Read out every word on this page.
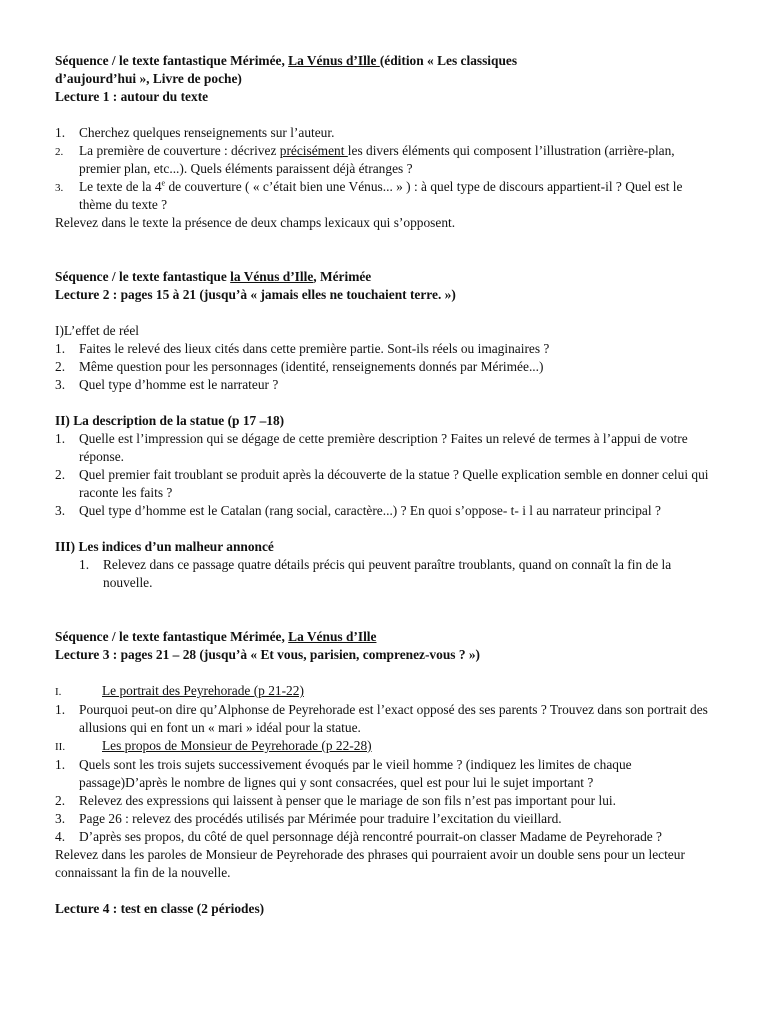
Séquence / le texte fantastique Mérimée, La Vénus d’Ille (édition « Les classiques
d’aujourd’hui », Livre de poche)
Lecture 1 : autour du texte
1.	Cherchez quelques renseignements sur l’auteur.
2.	La première de couverture : décrivez précisément les divers éléments qui composent l’illustration (arrière-plan, premier plan, etc...). Quels éléments paraissent déjà étranges ?
3.	Le texte de la 4e de couverture ( « c’était bien une Vénus... » ) : à quel type de discours appartient-il ? Quel est le thème du texte ?
Relevez dans le texte la présence de deux champs lexicaux qui s’opposent.
Séquence / le texte fantastique la Vénus d’Ille, Mérimée
Lecture 2 : pages 15 à 21 (jusqu’à « jamais elles ne touchaient terre. »)
I)L’effet de réel
1.	Faites le relevé des lieux cités dans cette première partie. Sont-ils réels ou imaginaires ?
2.	Même question pour les personnages (identité, renseignements donnés par Mérimée...)
3.	Quel type d’homme est le narrateur ?
II) La description de la statue (p 17 –18)
1.	Quelle est l’impression qui se dégage de cette première description ? Faites un relevé de termes à l’appui de votre réponse.
2.	Quel premier fait troublant se produit après la découverte de la statue ? Quelle explication semble en donner celui qui raconte les faits ?
3.	Quel type d’homme est le Catalan (rang social, caractère...) ? En quoi s’oppose- t- i l au narrateur principal ?
III) Les indices d’un malheur annoncé
1.	Relevez dans ce passage quatre détails précis qui peuvent paraître troublants, quand on connaît la fin de la nouvelle.
Séquence / le texte fantastique Mérimée, La Vénus d’Ille
Lecture 3 : pages 21 – 28 (jusqu’à « Et vous, parisien, comprenez-vous ? »)
I.	Le portrait des Peyrehorade (p 21-22)
1.	Pourquoi peut-on dire qu’Alphonse de Peyrehorade est l’exact opposé des ses parents ? Trouvez dans son portrait des allusions qui en font un « mari » idéal pour la statue.
II.	Les propos de Monsieur de Peyrehorade (p 22-28)
1.	Quels sont les trois sujets successivement évoqués par le vieil homme ? (indiquez les limites de chaque passage)D’après le nombre de lignes qui y sont consacrées, quel est pour lui le sujet important ?
2.	Relevez des expressions qui laissent à penser que le mariage de son fils n’est pas important pour lui.
3.	Page 26 : relevez des procédés utilisés par Mérimée pour traduire l’excitation du vieillard.
4.	D’après ses propos, du côté de quel personnage déjà rencontré pourrait-on classer Madame de Peyrehorade ?
Relevez dans les paroles de Monsieur de Peyrehorade des phrases qui pourraient avoir un double sens pour un lecteur connaissant la fin de la nouvelle.
Lecture 4 : test en classe (2 périodes)
